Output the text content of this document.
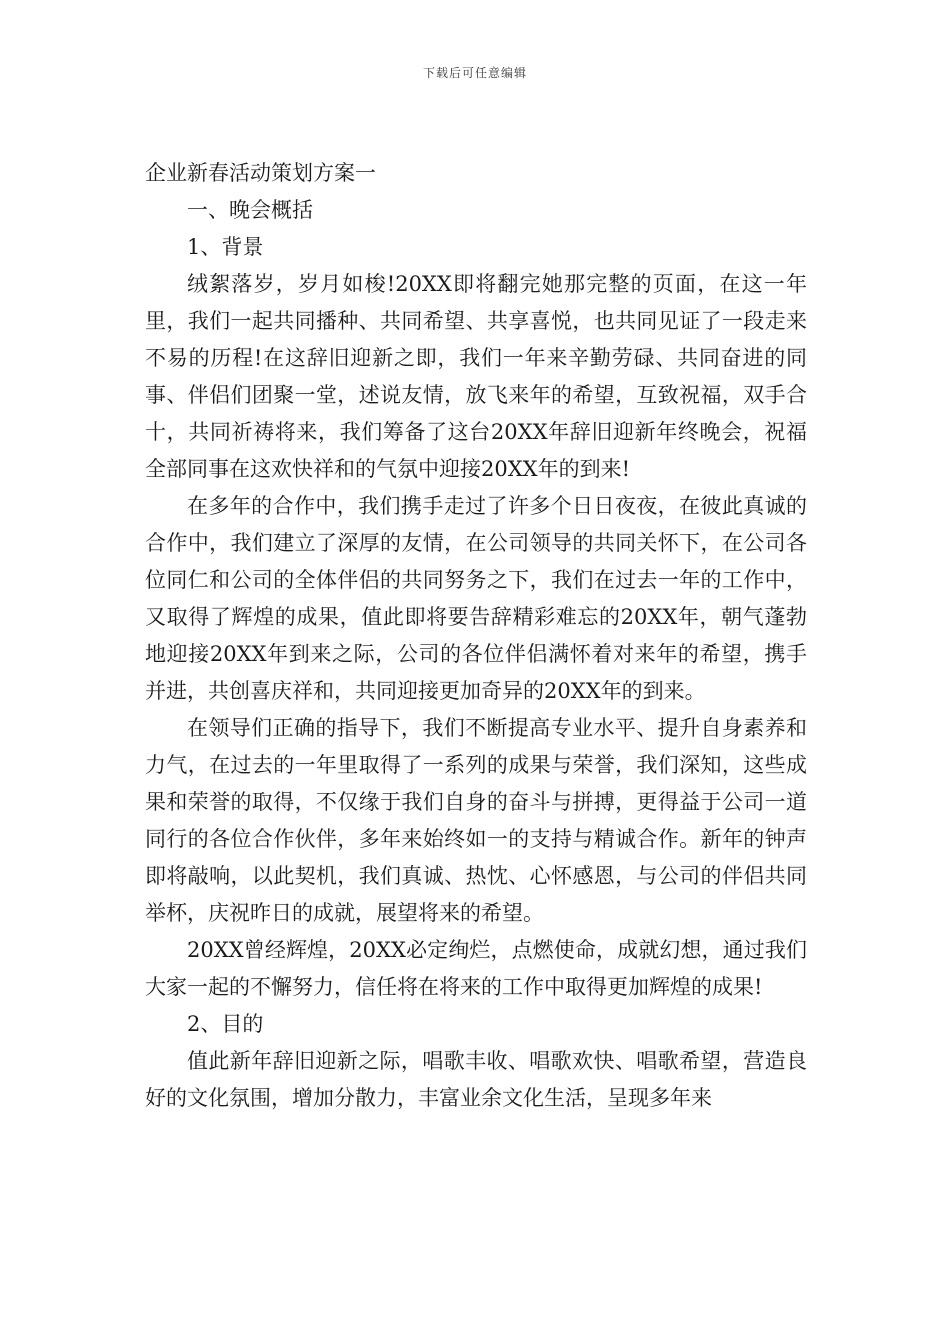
下载后可任意编辑
企业新春活动策划方案一

一、晚会概括

1、背景

绒絮落岁，岁月如梭!20XX即将翻完她那完整的页面，在这一年里，我们一起共同播种、共同希望、共享喜悦，也共同见证了一段走来不易的历程!在这辞旧迎新之即，我们一年来辛勤劳碌、共同奋进的同事、伴侣们团聚一堂，述说友情，放飞来年的希望，互致祝福，双手合十，共同祈祷将来，我们筹备了这台20XX年辞旧迎新年终晚会，祝福全部同事在这欢快祥和的气氛中迎接20XX年的到来!

在多年的合作中，我们携手走过了许多个日日夜夜，在彼此真诚的合作中，我们建立了深厚的友情，在公司领导的共同关怀下，在公司各位同仁和公司的全体伴侣的共同努务之下，我们在过去一年的工作中，又取得了辉煌的成果，值此即将要告辞精彩难忘的20XX年，朝气蓬勃地迎接20XX年到来之际，公司的各位伴侣满怀着对来年的希望，携手并进，共创喜庆祥和，共同迎接更加奇异的20XX年的到来。

在领导们正确的指导下，我们不断提高专业水平、提升自身素养和力气，在过去的一年里取得了一系列的成果与荣誉，我们深知，这些成果和荣誉的取得，不仅缘于我们自身的奋斗与拼搏，更得益于公司一道同行的各位合作伙伴，多年来始终如一的支持与精诚合作。新年的钟声即将敲响，以此契机，我们真诚、热忱、心怀感恩，与公司的伴侣共同举杯，庆祝昨日的成就，展望将来的希望。

20XX曾经辉煌，20XX必定绚烂，点燃使命，成就幻想，通过我们大家一起的不懈努力，信任将在将来的工作中取得更加辉煌的成果!

2、目的

值此新年辞旧迎新之际，唱歌丰收、唱歌欢快、唱歌希望，营造良好的文化氛围，增加分散力，丰富业余文化生活，呈现多年来
